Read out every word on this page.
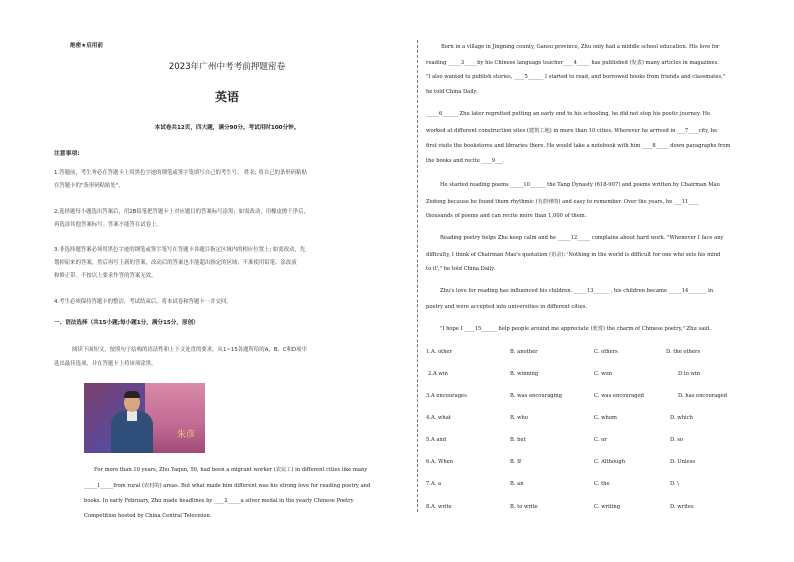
绝密★启用前
2023年广州中考考前押题密卷
英语
本试卷共12页，四大题，满分90分。考试用时100分钟。
注意事项:
1.答题前，考生务必在答题卡上用黑色字迹的钢笔或签字笔填写自己的考生号、 姓名; 将自己的条形码粘贴
在答题卡的"条形码粘贴处"。
2.选择题每小题选出答案后，用2B铅笔把答题卡上对应题目的答案标号涂黑；如需改动，用橡皮擦干净后，
再选涂其他答案标号。答案不能答在试卷上。
3.非选择题答案必须用黑色字迹的钢笔或签字笔写在答题卡各题目指定区域内的相应位置上; 如需改动，先
划掉原来的答案，然后再写上新的答案，改动后的答案也不能超出指定的区域；不准使用铅笔、涂改液
和修正带。不按以上要求作答的答案无效。
4.考生必须保持答题卡的整洁，考试结束后，将本试卷和答题卡一并交回。
一、语法选择（共15小题;每小题1分，满分15分，原创）
阅读下面短文，按照句子结构的语法性和上下文连贯的要求，从1~15各题所给的A、B、C和D项中
选出最佳选项，并在答题卡上将该项涂黑。
朱彦
For more than 10 years, Zhu Yaqun, 50, had been a migrant worker (农民工) in different cities like many
_____1_____from rural (农村的) areas. But what made him different was his strong love for reading poetry and
books. In early February, Zhu made headlines by ____2_____a silver medal in the yearly Chinese Poetry
Competition hosted by China Central Television.
Born in a village in Jingning county, Gansu province, Zhu only had a middle school education. His love for
reading _____3_____by his Chinese language teacher____4_____ has published (发表) many articles in magazines.
"I also wanted to publish stories, ____5______ I started to read, and borrowed books from friends and classmates,"
he told China Daily.
_____6______ Zhu later regretted putting an early end to his schooling, he did not stop his poetic journey. He
worked at different construction sites (建筑工地) in more than 10 cities. Wherever he arrived in ___7____city, he
first visits the bookstores and libraries there. He would take a notebook with him ____8_____ down paragraphs from
the books and recite ____9___.
He started reading poems _____10______ the Tang Dynasty (618-907) and poems written by Chairman Mao
Zedong because he found them rhythmic (有韵律的) and easy to remember. Over the years, he ___11____
thousands of poems and can recite more than 1,000 of them.
Reading poetry helps Zhu keep calm and he _____12_____ complains about hard work. "Whenever I face any
difficulty, I think of Chairman Mao's quotation (语录): 'Nothing in the world is difficult for one who sets his mind
to it'," he told China Daily.
Zhu's love for reading has influenced his children. _____13______ , his children became _____14_______ in
poetry and were accepted into universities in different cities.
"I hope I ____15______ help people around me appreciate (欣赏) the charm of Chinese poetry," Zhu said.
1.A. other	B. another	C. others	D. the others
2.A win	B. winning	C. won	D.to win
3.A encourages	B. was encouraging	C. was encouraged	D. has encouraged
4.A. what	B. who	C. whom	D. which
5.A and	B. but	C. or	D. so
6.A. When	B. If	C. Although	D. Unless
7.A. a	B. an	C. the	D. \
8.A. write	B. to write	C. writing	D. writes
